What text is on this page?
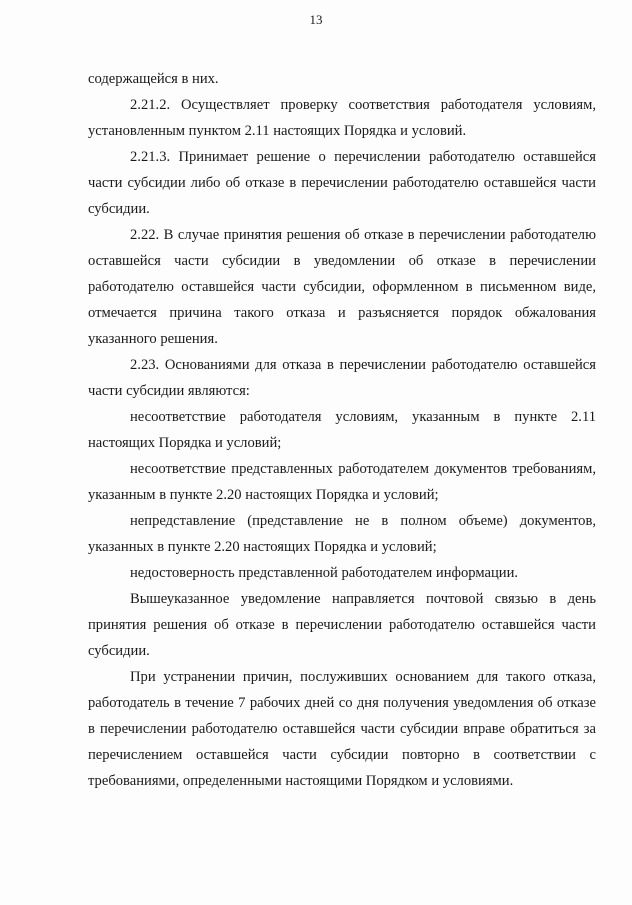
13

содержащейся в них.

2.21.2. Осуществляет проверку соответствия работодателя условиям, установленным пунктом 2.11 настоящих Порядка и условий.

2.21.3. Принимает решение о перечислении работодателю оставшейся части субсидии либо об отказе в перечислении работодателю оставшейся части субсидии.

2.22. В случае принятия решения об отказе в перечислении работодателю оставшейся части субсидии в уведомлении об отказе в перечислении работодателю оставшейся части субсидии, оформленном в письменном виде, отмечается причина такого отказа и разъясняется порядок обжалования указанного решения.

2.23. Основаниями для отказа в перечислении работодателю оставшейся части субсидии являются:

несоответствие работодателя условиям, указанным в пункте 2.11 настоящих Порядка и условий;

несоответствие представленных работодателем документов требованиям, указанным в пункте 2.20 настоящих Порядка и условий;

непредставление (представление не в полном объеме) документов, указанных в пункте 2.20 настоящих Порядка и условий;

недостоверность представленной работодателем информации.

Вышеуказанное уведомление направляется почтовой связью в день принятия решения об отказе в перечислении работодателю оставшейся части субсидии.

При устранении причин, послуживших основанием для такого отказа, работодатель в течение 7 рабочих дней со дня получения уведомления об отказе в перечислении работодателю оставшейся части субсидии вправе обратиться за перечислением оставшейся части субсидии повторно в соответствии с требованиями, определенными настоящими Порядком и условиями.
